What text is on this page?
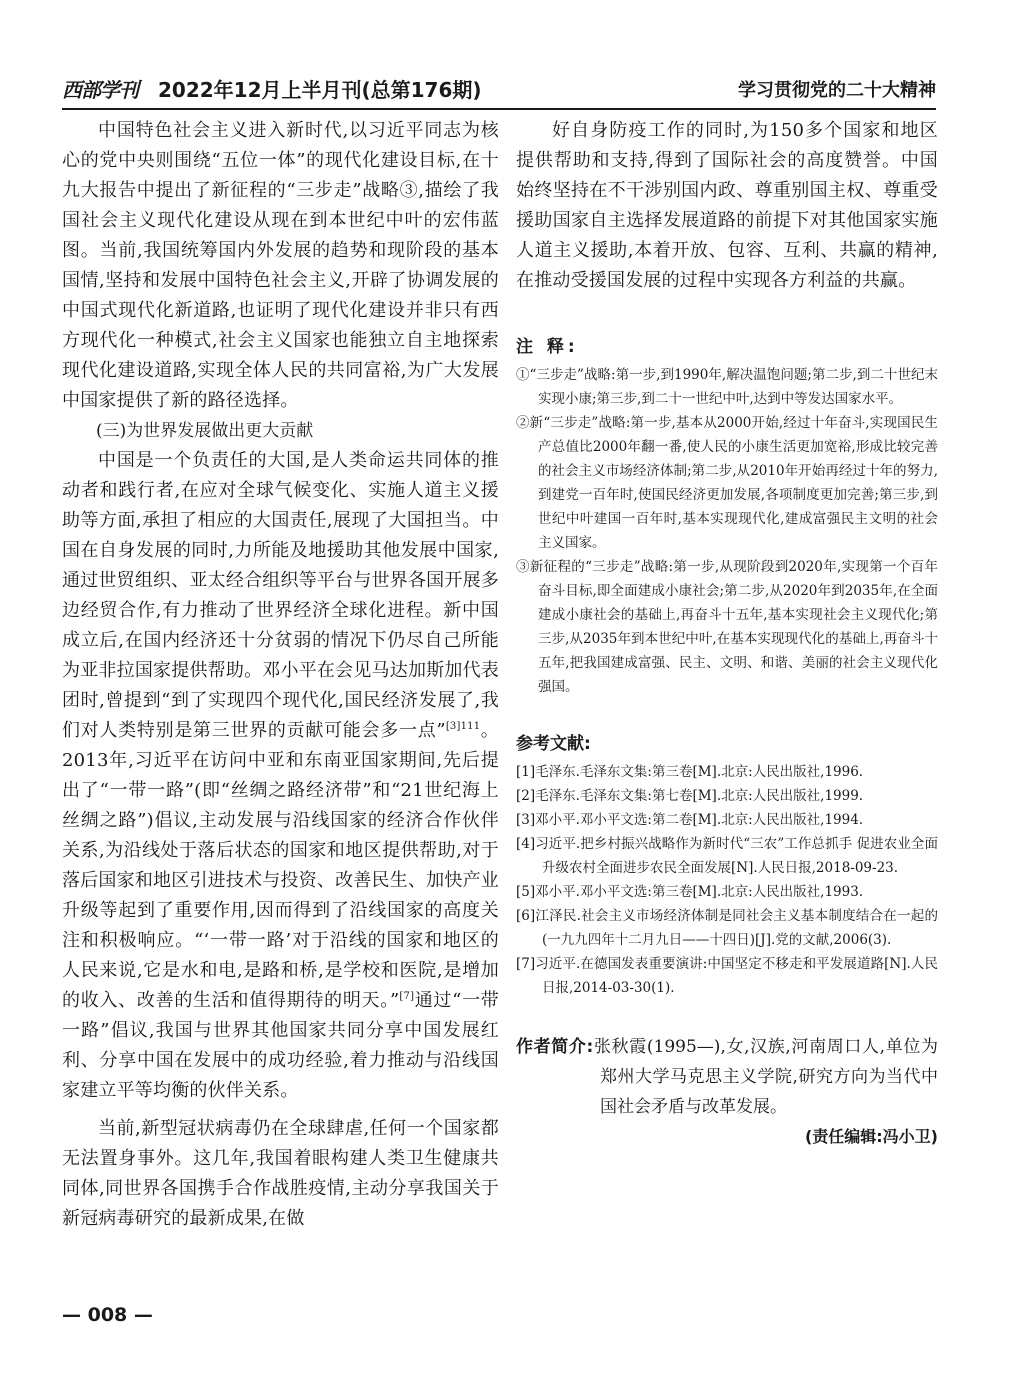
西部学刊 2022年12月上半月刊(总第176期)	学习贯彻党的二十大精神

中国特色社会主义进入新时代,以习近平同志为核心的党中央则围绕“五位一体”的现代化建设目标,在十九大报告中提出了新征程的“三步走”战略③,描绘了我国社会主义现代化建设从现在到本世纪中叶的宏伟蓝图。当前,我国统筹国内外发展的趋势和现阶段的基本国情,坚持和发展中国特色社会主义,开辟了协调发展的中国式现代化新道路,也证明了现代化建设并非只有西方现代化一种模式,社会主义国家也能独立自主地探索现代化建设道路,实现全体人民的共同富裕,为广大发展中国家提供了新的路径选择。

(三)为世界发展做出更大贡献

中国是一个负责任的大国,是人类命运共同体的推动者和践行者,在应对全球气候变化、实施人道主义援助等方面,承担了相应的大国责任,展现了大国担当。中国在自身发展的同时,力所能及地援助其他发展中国家,通过世贸组织、亚太经合组织等平台与世界各国开展多边经贸合作,有力推动了世界经济全球化进程。新中国成立后,在国内经济还十分贫弱的情况下仍尽自己所能为亚非拉国家提供帮助。邓小平在会见马达加斯加代表团时,曾提到“到了实现四个现代化,国民经济发展了,我们对人类特别是第三世界的贡献可能会多一点”$^{[3]111}$。2013年,习近平在访问中亚和东南亚国家期间,先后提出了“一带一路”(即“丝绸之路经济带”和“21世纪海上丝绸之路”)倡议,主动发展与沿线国家的经济合作伙伴关系,为沿线处于落后状态的国家和地区提供帮助,对于落后国家和地区引进技术与投资、改善民生、加快产业升级等起到了重要作用,因而得到了沿线国家的高度关注和积极响应。“‘一带一路’对于沿线的国家和地区的人民来说,它是水和电,是路和桥,是学校和医院,是增加的收入、改善的生活和值得期待的明天。”[7]通过“一带一路”倡议,我国与世界其他国家共同分享中国发展红利、分享中国在发展中的成功经验,着力推动与沿线国家建立平等均衡的伙伴关系。

当前,新型冠状病毒仍在全球肆虐,任何一个国家都无法置身事外。这几年,我国着眼构建人类卫生健康共同体,同世界各国携手合作战胜疫情,主动分享我国关于新冠病毒研究的最新成果,在做

好自身防疫工作的同时,为150多个国家和地区提供帮助和支持,得到了国际社会的高度赞誉。中国始终坚持在不干涉别国内政、尊重别国主权、尊重受援助国家自主选择发展道路的前提下对其他国家实施人道主义援助,本着开放、包容、互利、共赢的精神,在推动受援国发展的过程中实现各方利益的共赢。

注 释:

①“三步走”战略:第一步,到1990年,解决温饱问题;第二步,到二十世纪末实现小康;第三步,到二十一世纪中叶,达到中等发达国家水平。

②新“三步走”战略:第一步,基本从2000开始,经过十年奋斗,实现国民生产总值比2000年翻一番,使人民的小康生活更加宽裕,形成比较完善的社会主义市场经济体制;第二步,从2010年开始再经过十年的努力,到建党一百年时,使国民经济更加发展,各项制度更加完善;第三步,到世纪中叶建国一百年时,基本实现现代化,建成富强民主文明的社会主义国家。

③新征程的“三步走”战略:第一步,从现阶段到2020年,实现第一个百年奋斗目标,即全面建成小康社会;第二步,从2020年到2035年,在全面建成小康社会的基础上,再奋斗十五年,基本实现社会主义现代化;第三步,从2035年到本世纪中叶,在基本实现现代化的基础上,再奋斗十五年,把我国建成富强、民主、文明、和谐、美丽的社会主义现代化强国。

参考文献:

[1]毛泽东.毛泽东文集:第三卷[M].北京:人民出版社,1996.

[2]毛泽东.毛泽东文集:第七卷[M].北京:人民出版社,1999.

[3]邓小平.邓小平文选:第二卷[M].北京:人民出版社,1994.

[4]习近平.把乡村振兴战略作为新时代“三农”工作总抓手 促进农业全面升级农村全面进步农民全面发展[N].人民日报,2018-09-23.

[5]邓小平.邓小平文选:第三卷[M].北京:人民出版社,1993.

[6]江泽民.社会主义市场经济体制是同社会主义基本制度结合在一起的(一九九四年十二月九日——十四日)[J].党的文献,2006(3).

[7]习近平.在德国发表重要演讲:中国坚定不移走和平发展道路[N].人民日报,2014-03-30(1).

作者简介:张秋霞(1995—),女,汉族,河南周口人,单位为郑州大学马克思主义学院,研究方向为当代中国社会矛盾与改革发展。
(责任编辑:冯小卫)
— 008 —
